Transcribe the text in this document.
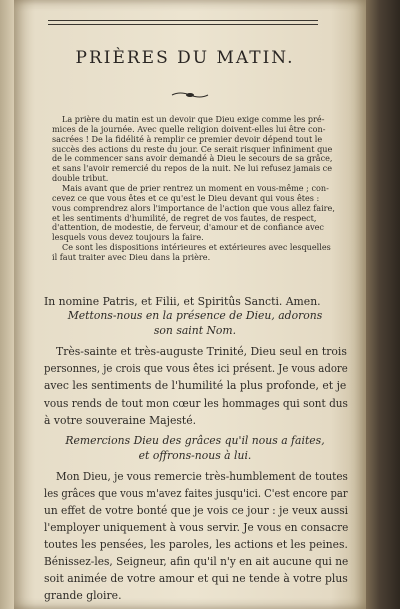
PRIÈRES DU MATIN.
La prière du matin est un devoir que Dieu exige comme les pré-
mices de la journée. Avec quelle religion doivent-elles lui être con-
sacrées ! De la fidélité à remplir ce premier devoir dépend tout le
succès des actions du reste du jour. Ce serait risquer infiniment que
de le commencer sans avoir demandé à Dieu le secours de sa grâce,
et sans l'avoir remercié du repos de la nuit. Ne lui refusez jamais ce
double tribut.
Mais avant que de prier rentrez un moment en vous-même ; con-
cevez ce que vous êtes et ce qu'est le Dieu devant qui vous êtes :
vous comprendrez alors l'importance de l'action que vous allez faire,
et les sentiments d'humilité, de regret de vos fautes, de respect,
d'attention, de modestie, de ferveur, d'amour et de confiance avec
lesquels vous devez toujours la faire.
Ce sont les dispositions intérieures et extérieures avec lesquelles
il faut traiter avec Dieu dans la prière.
In nomine Patris, et Filii, et Spiritûs Sancti. Amen.
Mettons-nous en la présence de Dieu, adorons
son saint Nom.
Très-sainte et très-auguste Trinité, Dieu seul en trois
personnes, je crois que vous êtes ici présent. Je vous adore
avec les sentiments de l'humilité la plus profonde, et je
vous rends de tout mon cœur les hommages qui sont dus
à votre souveraine Majesté.
Remercions Dieu des grâces qu'il nous a faites,
et offrons-nous à lui.
Mon Dieu, je vous remercie très-humblement de toutes
les grâces que vous m'avez faites jusqu'ici. C'est encore par
un effet de votre bonté que je vois ce jour : je veux aussi
l'employer uniquement à vous servir. Je vous en consacre
toutes les pensées, les paroles, les actions et les peines.
Bénissez-les, Seigneur, afin qu'il n'y en ait aucune qui ne
soit animée de votre amour et qui ne tende à votre plus
grande gloire.
